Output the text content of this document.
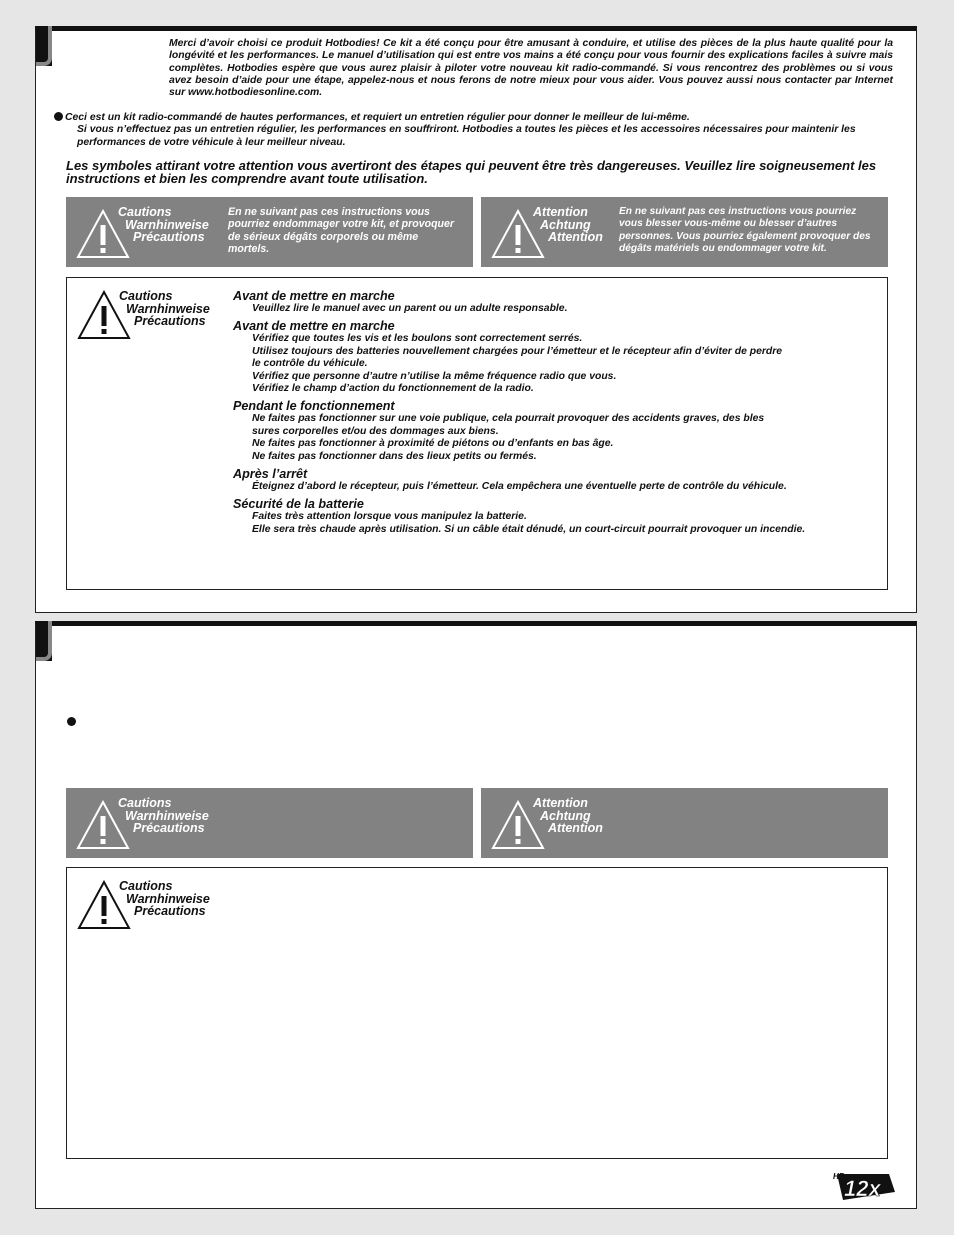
Merci d’avoir choisi ce produit Hotbodies! Ce kit a été conçu pour être amusant à conduire, et utilise des pièces de la plus haute qualité pour la longévité et les performances. Le manuel d’utilisation qui est entre vos mains a été conçu pour vous fournir des explications faciles à suivre mais complètes. Hotbodies espère que vous aurez plaisir à piloter votre nouveau kit radio-commandé. Si vous rencontrez des problèmes ou si vous avez besoin d’aide pour une étape, appelez-nous et nous ferons de notre mieux pour vous aider. Vous pouvez aussi nous contacter par Internet sur www.hotbodiesonline.com.
Ceci est un kit radio-commandé de hautes performances, et requiert un entretien régulier pour donner le meilleur de lui-même.
Si vous n’effectuez pas un entretien régulier, les performances en souffriront. Hotbodies a toutes les pièces et les accessoires nécessaires pour maintenir les performances de votre véhicule à leur meilleur niveau.
Les symboles attirant votre attention vous avertiront des étapes qui peuvent être très dangereuses. Veuillez lire soigneusement les instructions et bien les comprendre avant toute utilisation.
Cautions
Warnhinweise
Précautions
En ne suivant pas ces instructions vous pourriez endommager votre kit, et provoquer de sérieux dégâts corporels ou même mortels.
Attention
Achtung
Attention
En ne suivant pas ces instructions vous pourriez vous blesser vous-même ou blesser d’autres personnes. Vous pourriez également provoquer des dégâts matériels ou endommager votre kit.
Cautions
Warnhinweise
Précautions
Avant de mettre en marche
Veuillez lire le manuel avec un parent ou un adulte responsable.
Avant de mettre en marche
Vérifiez que toutes les vis et les boulons sont correctement serrés.
Utilisez toujours des batteries nouvellement chargées pour l’émetteur et le récepteur afin d’éviter de perdre
le contrôle du véhicule.
Vérifiez que personne d’autre n’utilise la même fréquence radio que vous.
Vérifiez le champ d’action du fonctionnement de la radio.
Pendant le fonctionnement
Ne faites pas fonctionner sur une voie publique, cela pourrait provoquer des accidents graves, des bles
sures corporelles et/ou des dommages aux biens.
Ne faites pas fonctionner à proximité de piétons ou d’enfants en bas âge.
Ne faites pas fonctionner dans des lieux petits ou fermés.
Après l’arrêt
Éteignez d’abord le récepteur, puis l’émetteur. Cela empêchera une éventuelle perte de contrôle du véhicule.
Sécurité de la batterie
Faites très attention lorsque vous manipulez la batterie.
Elle sera très chaude après utilisation. Si un câble était dénudé, un court-circuit pourrait provoquer un incendie.
Cautions
Warnhinweise
Précautions
Attention
Achtung
Attention
Cautions
Warnhinweise
Précautions
HB 12x
